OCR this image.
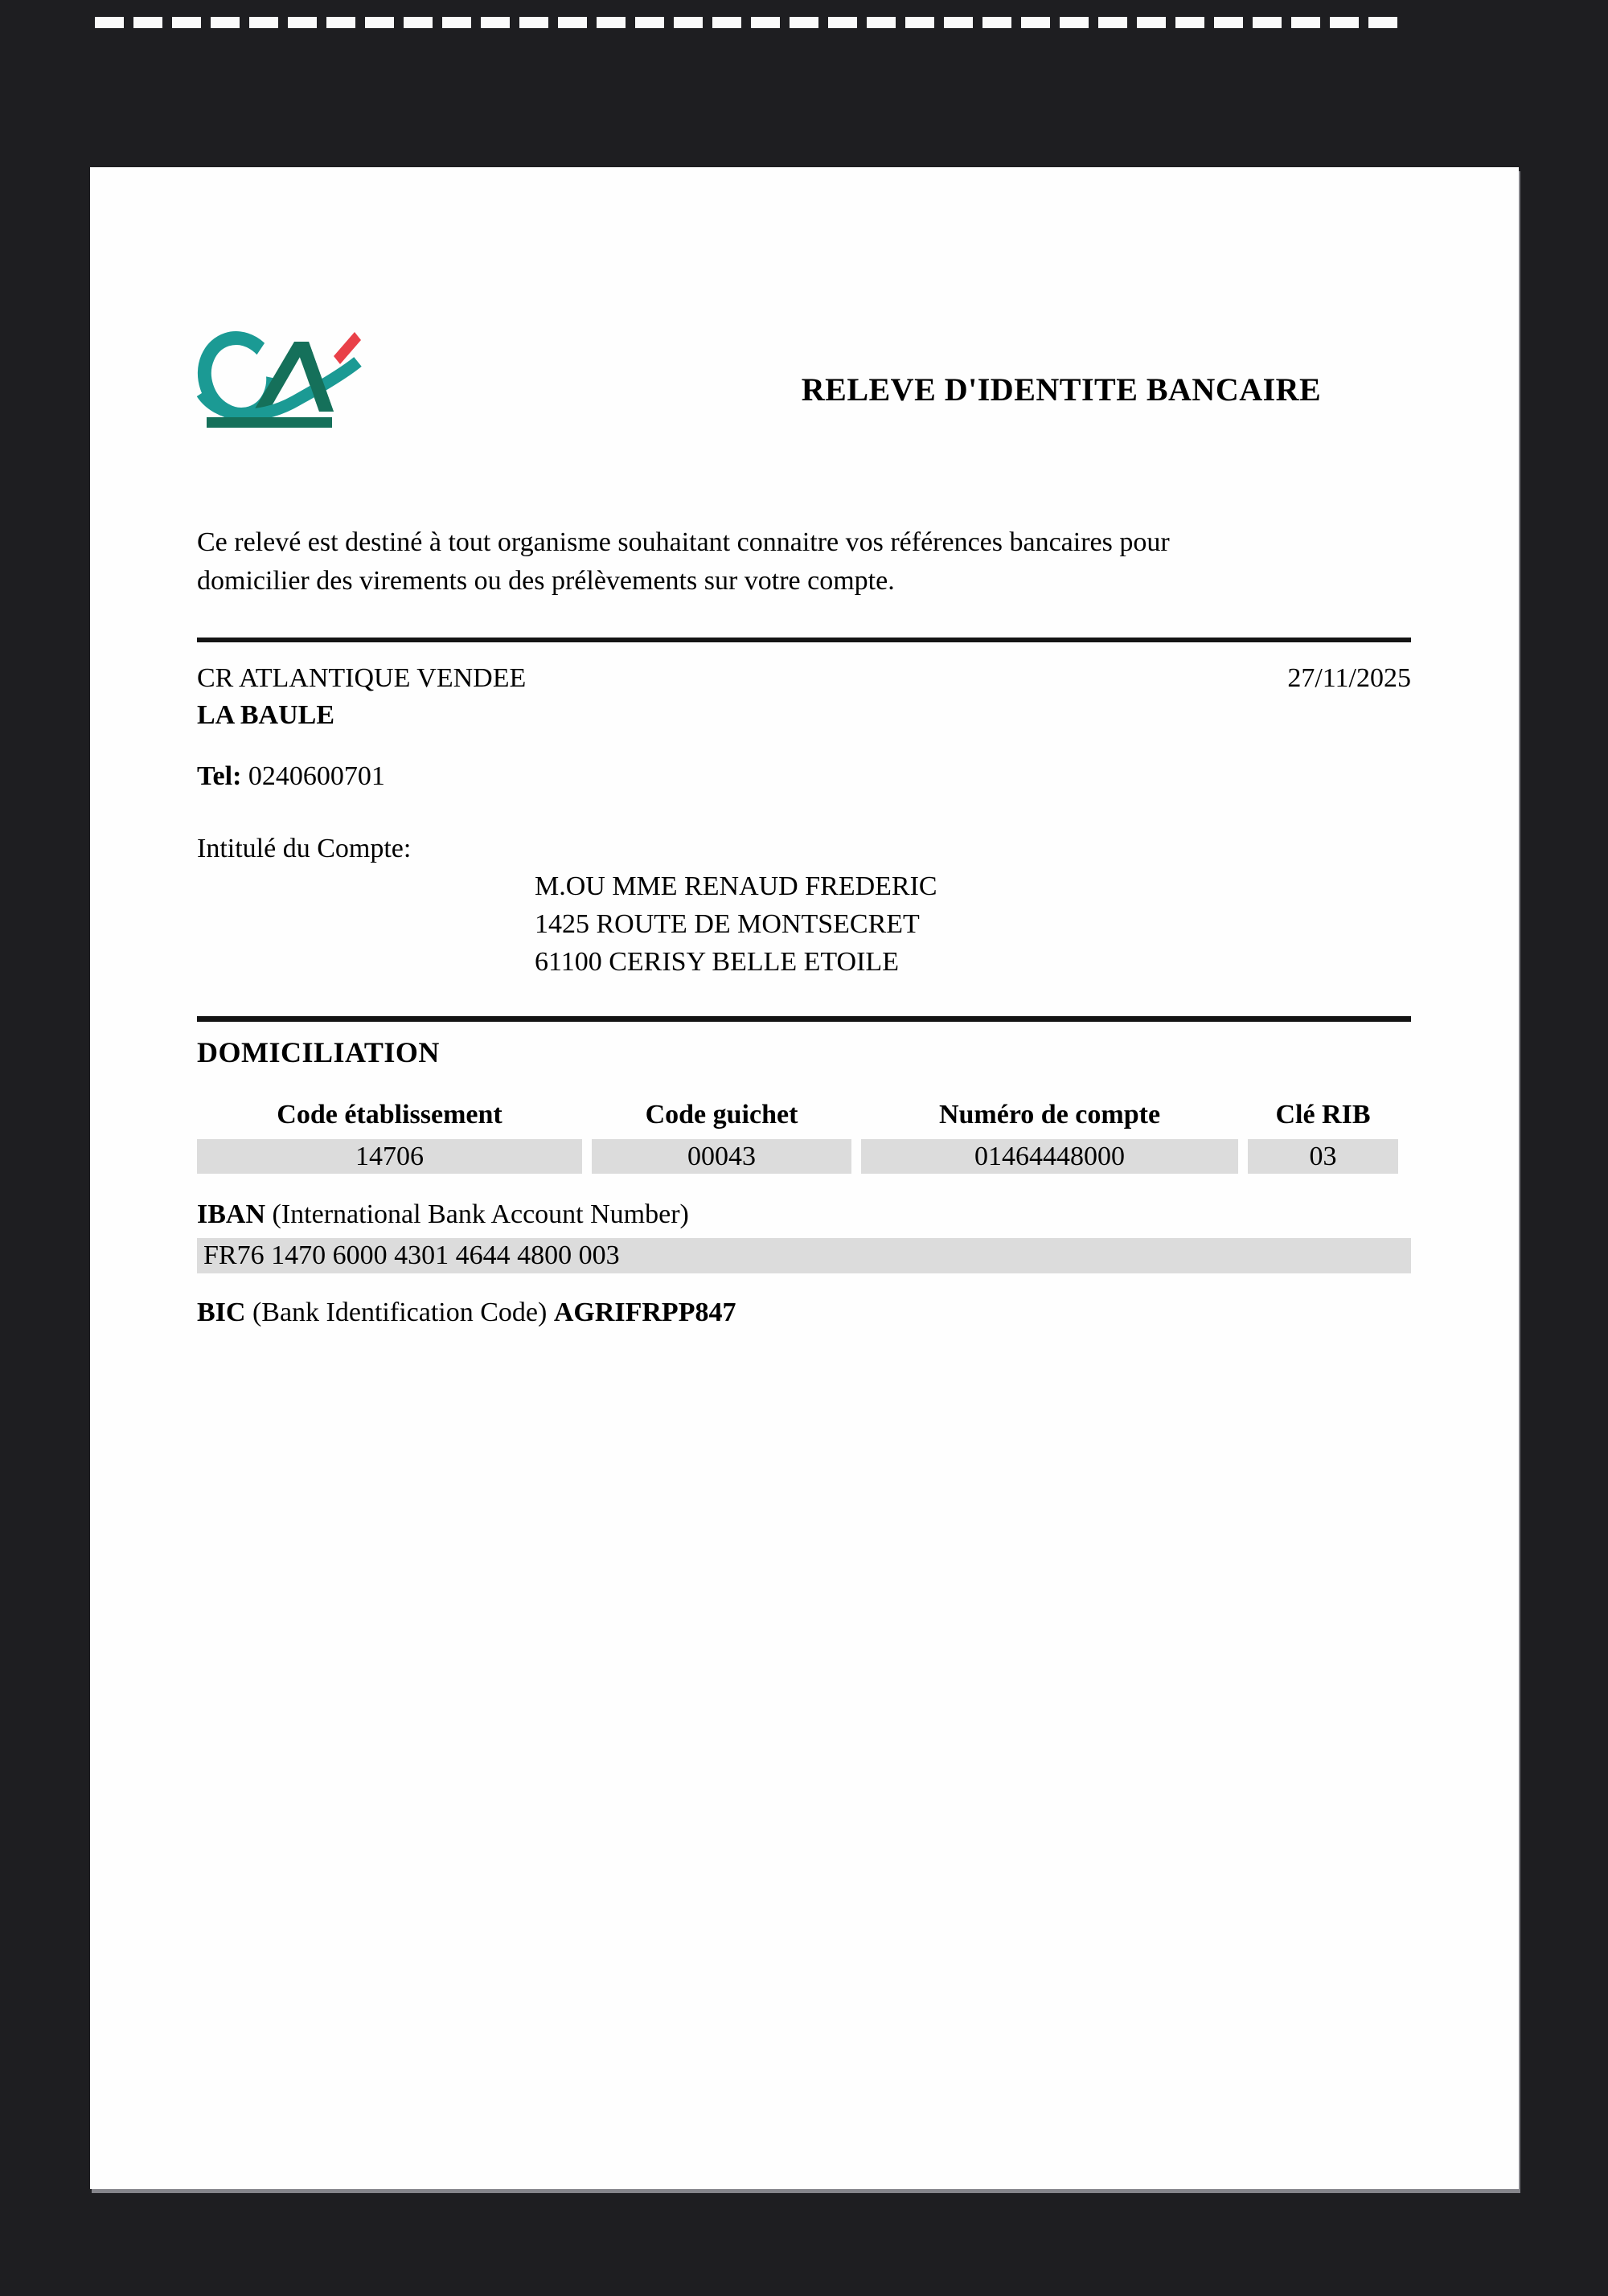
RELEVE D'IDENTITE BANCAIRE
Ce relevé est destiné à tout organisme souhaitant connaitre vos références bancaires pour
domicilier des virements ou des prélèvements sur votre compte.
CR ATLANTIQUE VENDEE	27/11/2025
LA BAULE
Tel: 0240600701
Intitulé du Compte:
M.OU MME RENAUD FREDERIC
1425 ROUTE DE MONTSECRET
61100 CERISY BELLE ETOILE
DOMICILIATION
Code établissement	Code guichet	Numéro de compte	Clé RIB
14706	00043	01464448000	03
IBAN (International Bank Account Number)
FR76 1470 6000 4301 4644 4800 003
BIC (Bank Identification Code) AGRIFRPP847
